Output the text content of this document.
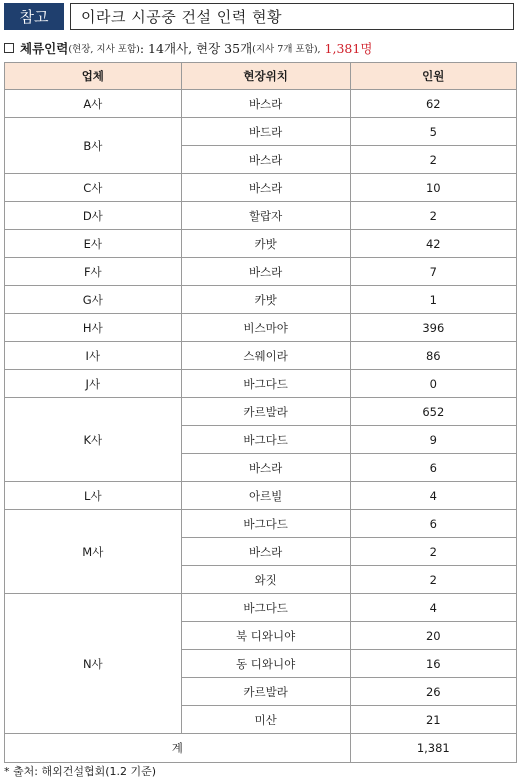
참고	이라크 시공중 건설 인력 현황
체류인력 (현장, 지사 포함) : 14개사, 현장 35개 (지사 7개 포함),
1,381명
업체	현장위치	인원
A사	바스라	62
B사	바드라	5
	바스라	2
C사	바스라	10
D사	할랍자	2
E사	카밧	42
F사	바스라	7
G사	카밧	1
H사	비스마야	396
I사	스웨이라	86
J사	바그다드	0
K사	카르발라	652
	바그다드	9
	바스라	6
L사	아르빌	4
M사	바그다드	6
	바스라	2
	와짓	2
N사	바그다드	4
	북 디와니야	20
	동 디와니야	16
	카르발라	26
	미산	21
계		1,381
* 출처: 해외건설협회(1.2 기준)
